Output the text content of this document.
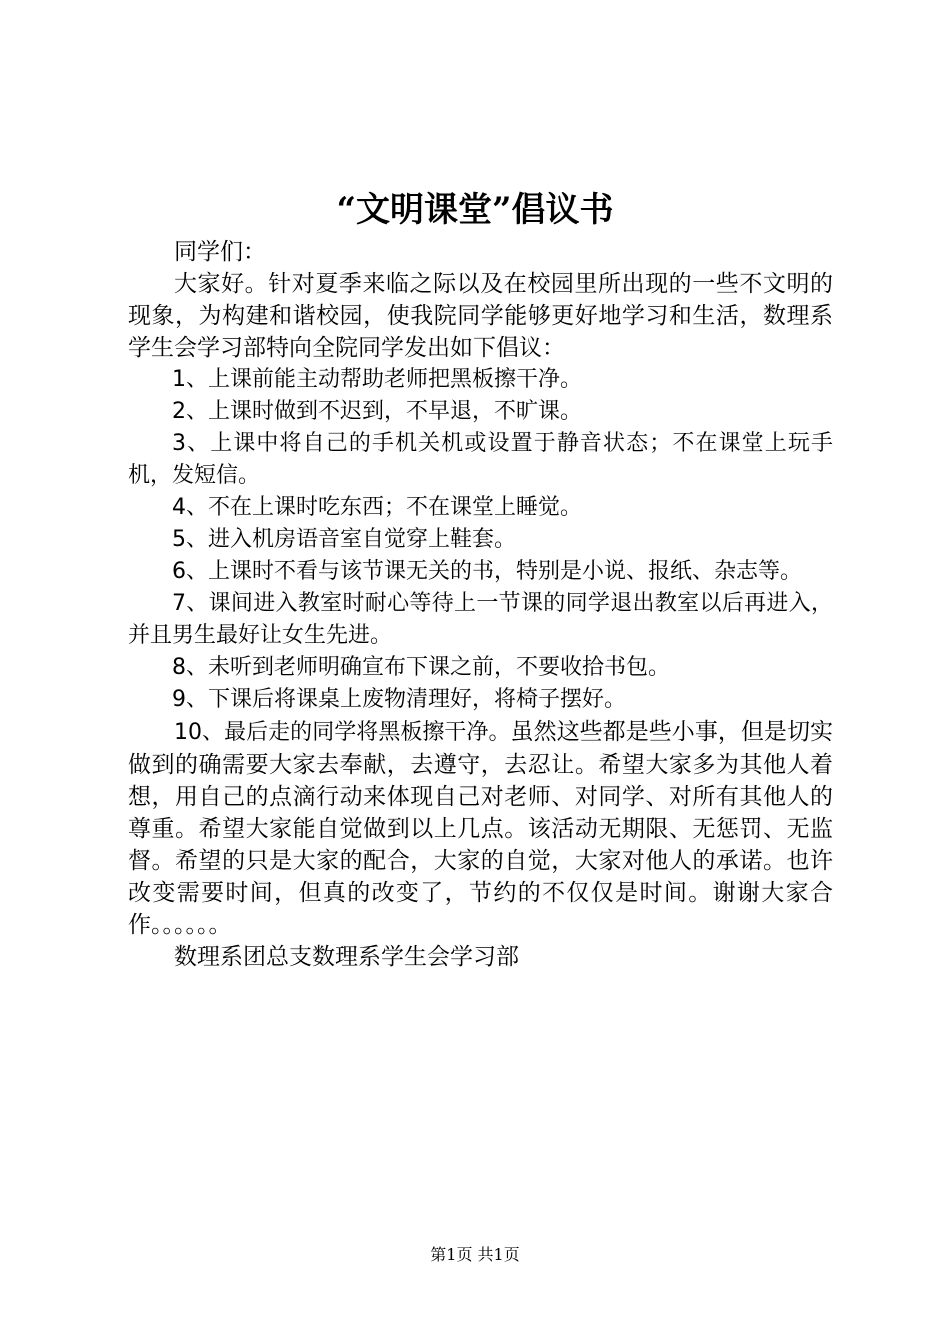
“文明课堂”倡议书

同学们：

大家好。针对夏季来临之际以及在校园里所出现的一些不文明的现象，为构建和谐校园，使我院同学能够更好地学习和生活，数理系学生会学习部特向全院同学发出如下倡议：

1、上课前能主动帮助老师把黑板擦干净。

2、上课时做到不迟到，不早退，不旷课。

3、上课中将自己的手机关机或设置于静音状态；不在课堂上玩手机，发短信。

4、不在上课时吃东西；不在课堂上睡觉。

5、进入机房语音室自觉穿上鞋套。

6、上课时不看与该节课无关的书，特别是小说、报纸、杂志等。

7、课间进入教室时耐心等待上一节课的同学退出教室以后再进入，并且男生最好让女生先进。

8、未听到老师明确宣布下课之前，不要收拾书包。

9、下课后将课桌上废物清理好，将椅子摆好。

10、最后走的同学将黑板擦干净。虽然这些都是些小事，但是切实做到的确需要大家去奉献，去遵守，去忍让。希望大家多为其他人着想，用自己的点滴行动来体现自己对老师、对同学、对所有其他人的尊重。希望大家能自觉做到以上几点。该活动无期限、无惩罚、无监督。希望的只是大家的配合，大家的自觉，大家对他人的承诺。也许改变需要时间，但真的改变了，节约的不仅仅是时间。谢谢大家合作。。。。。。

数理系团总支数理系学生会学习部

第1页 共1页
